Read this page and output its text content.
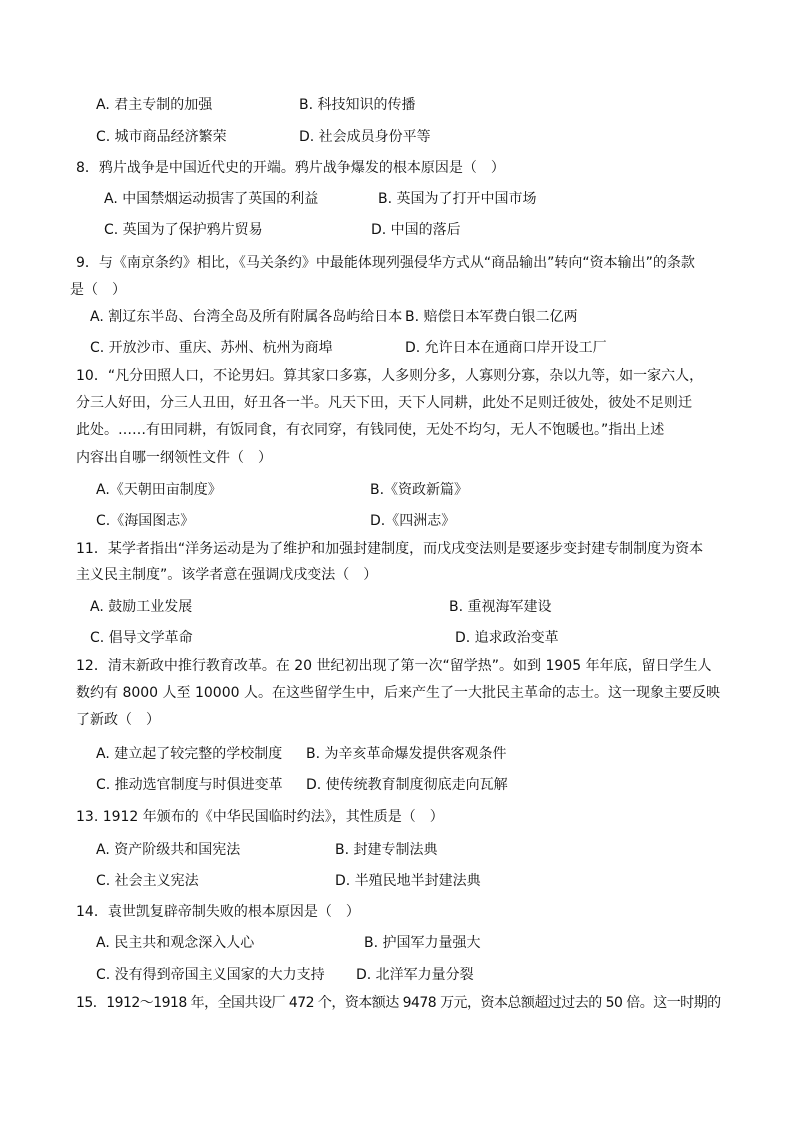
A. 君主专制的加强	B. 科技知识的传播
C. 城市商品经济繁荣	D. 社会成员身份平等
8．鸦片战争是中国近代史的开端。鸦片战争爆发的根本原因是（　）
A. 中国禁烟运动损害了英国的利益	B. 英国为了打开中国市场
C. 英国为了保护鸦片贸易	D. 中国的落后
9．与《南京条约》相比，《马关条约》中最能体现列强侵华方式从“商品输出”转向“资本输出”的条款
是（　）
A. 割辽东半岛、台湾全岛及所有附属各岛屿给日本 B. 赔偿日本军费白银二亿两
C. 开放沙市、重庆、苏州、杭州为商埠	D. 允许日本在通商口岸开设工厂
10．“凡分田照人口，不论男妇。算其家口多寡，人多则分多，人寡则分寡，杂以九等，如一家六人，
分三人好田，分三人丑田，好丑各一半。凡天下田，天下人同耕，此处不足则迁彼处，彼处不足则迁
此处。……有田同耕，有饭同食，有衣同穿，有钱同使，无处不均匀，无人不饱暖也。”指出上述
内容出自哪一纲领性文件（　）
A.《天朝田亩制度》	B.《资政新篇》
C.《海国图志》	D.《四洲志》
11．某学者指出“洋务运动是为了维护和加强封建制度，而戊戌变法则是要逐步变封建专制制度为资本
主义民主制度”。该学者意在强调戊戌变法（　）
A. 鼓励工业发展	B. 重视海军建设
C. 倡导文学革命	D. 追求政治变革
12．清末新政中推行教育改革。在 20 世纪初出现了第一次“留学热”。如到 1905 年年底，留日学生人
数约有 8000 人至 10000 人。在这些留学生中，后来产生了一大批民主革命的志士。这一现象主要反映
了新政（　）
A. 建立起了较完整的学校制度 B. 为辛亥革命爆发提供客观条件
C. 推动选官制度与时俱进变革 D. 使传统教育制度彻底走向瓦解
13. 1912 年颁布的《中华民国临时约法》，其性质是（　）
A. 资产阶级共和国宪法	B. 封建专制法典
C. 社会主义宪法	D. 半殖民地半封建法典
14．袁世凯复辟帝制失败的根本原因是（　）
A. 民主共和观念深入人心	B. 护国军力量强大
C. 没有得到帝国主义国家的大力支持 D. 北洋军力量分裂
15．1912～1918 年，全国共设厂 472 个，资本额达 9478 万元，资本总额超过过去的 50 倍。这一时期的
